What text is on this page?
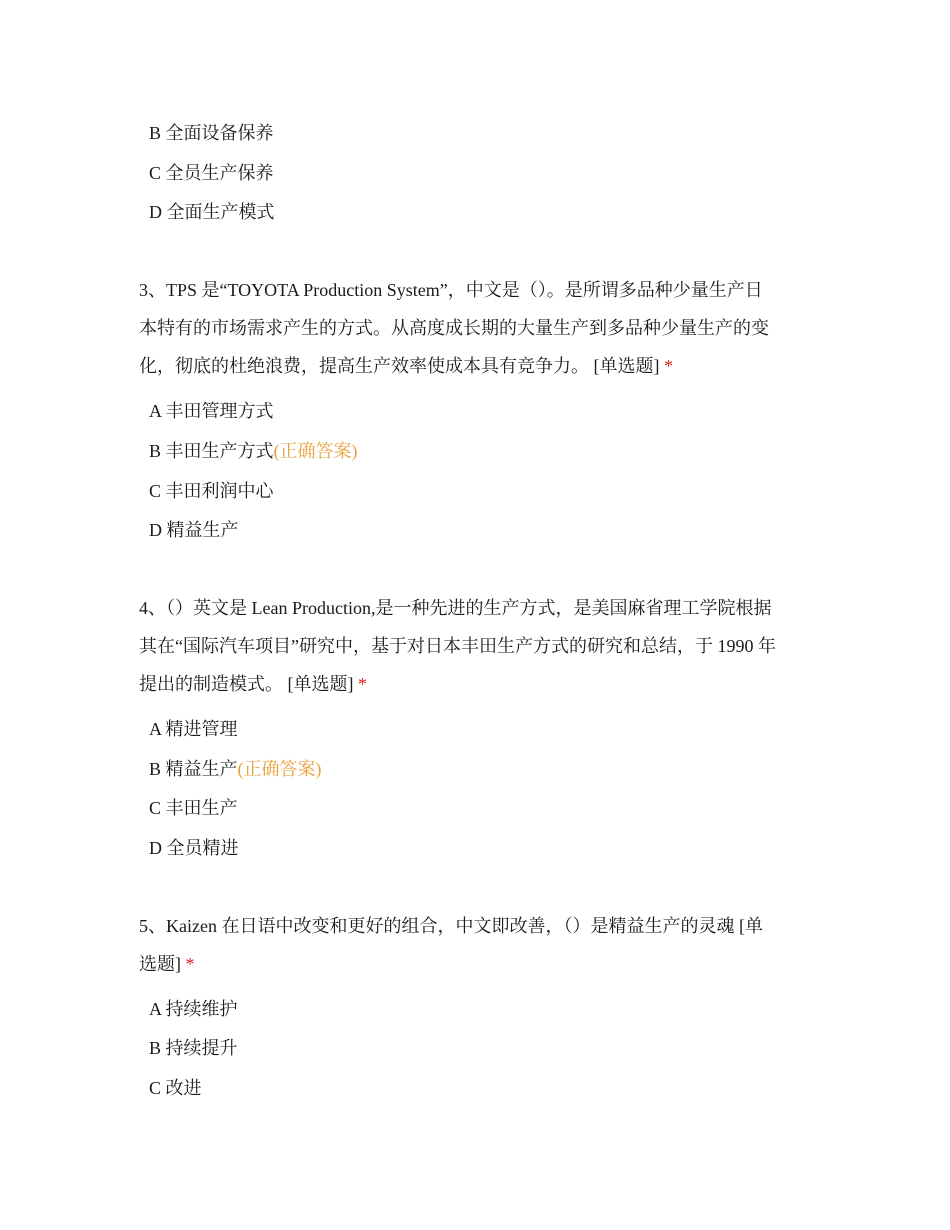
B 全面设备保养
C 全员生产保养
D 全面生产模式
3、TPS 是“TOYOTA Production System”，中文是（）。是所谓多品种少量生产日
本特有的市场需求产生的方式。从高度成长期的大量生产到多品种少量生产的变
化，彻底的杜绝浪费，提高生产效率使成本具有竞争力。 [单选题] *
A 丰田管理方式
B 丰田生产方式(正确答案)
C 丰田利润中心
D 精益生产
4、（）英文是 Lean Production,是一种先进的生产方式，是美国麻省理工学院根据
其在“国际汽车项目”研究中，基于对日本丰田生产方式的研究和总结，于 1990 年
提出的制造模式。 [单选题] *
A 精进管理
B 精益生产(正确答案)
C 丰田生产
D 全员精进
5、Kaizen 在日语中改变和更好的组合，中文即改善，（）是精益生产的灵魂 [单
选题] *
A 持续维护
B 持续提升
C 改进
